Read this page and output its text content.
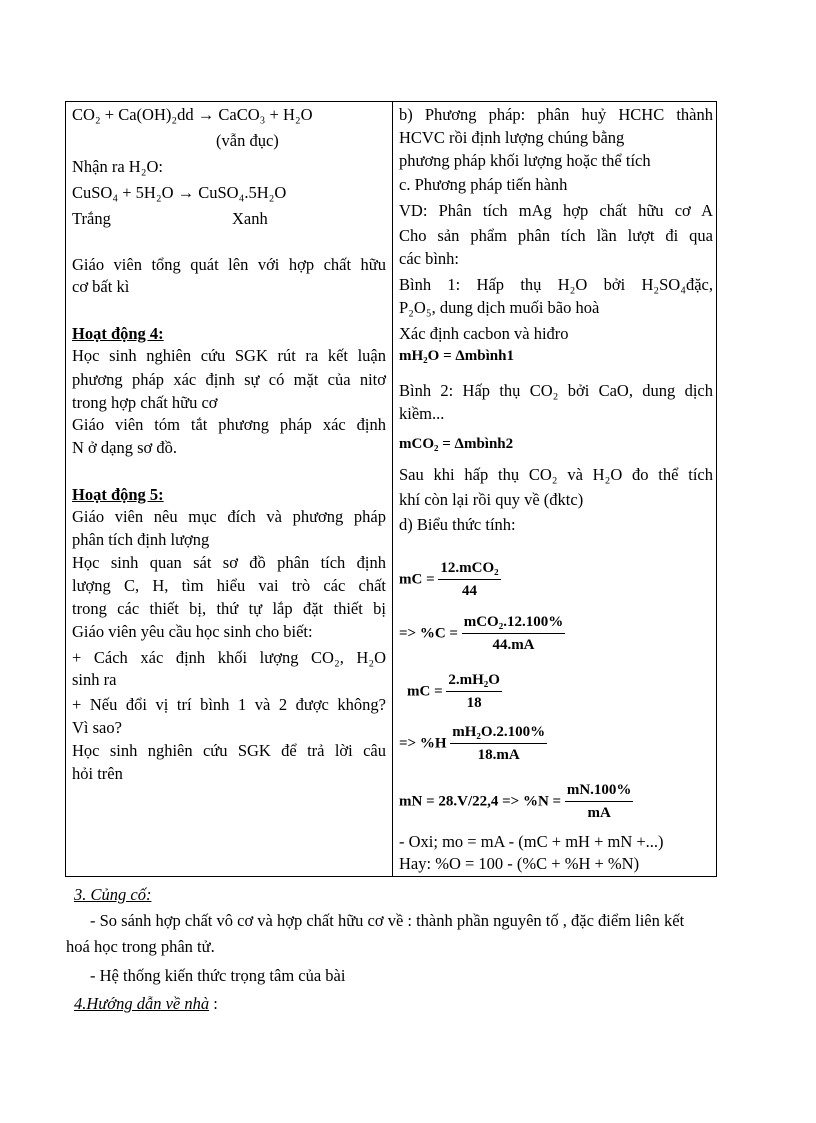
CO₂ + Ca(OH)₂dd → CaCO₃ + H₂O
(vẫn đục)
Nhận ra H₂O:
CuSO₄ + 5H₂O → CuSO₄.5H₂O
Trắng	Xanh
Giáo viên tổng quát lên với hợp chất hữu
cơ bất kì
Hoạt động 4:
Học sinh nghiên cứu SGK rút ra kết luận
phương pháp xác định sự có mặt của nitơ
trong hợp chất hữu cơ
Giáo viên tóm tắt phương pháp xác định
N ở dạng sơ đồ.
Hoạt động 5:
Giáo viên nêu mục đích và phương pháp
phân tích định lượng
Học sinh quan sát sơ đồ phân tích định
lượng C, H, tìm hiểu vai trò các chất
trong các thiết bị, thứ tự lắp đặt thiết bị
Giáo viên yêu cầu học sinh cho biết:
+ Cách xác định khối lượng CO₂, H₂O
sinh ra
+ Nếu đổi vị trí bình 1 và 2 được không?
Vì sao?
Học sinh nghiên cứu SGK để trả lời câu
hỏi trên
b) Phương pháp: phân huỷ HCHC thành
HCVC rồi định lượng chúng bằng
phương pháp khối lượng hoặc thể tích
c. Phương pháp tiến hành
VD: Phân tích mAg hợp chất hữu cơ A
Cho sản phẩm phân tích lần lượt đi qua
các bình:
Bình 1: Hấp thụ H₂O bởi H₂SO₄đặc,
P₂O₅, dung dịch muối bão hoà
Xác định cacbon và hiđro
mH₂O = Δmbình1
Bình 2: Hấp thụ CO₂ bởi CaO, dung dịch
kiềm...
mCO₂ = Δmbình2
Sau khi hấp thụ CO₂ và H₂O đo thể tích
khí còn lại rồi quy về (đktc)
d) Biểu thức tính:
mC = $\frac{\text{12.mCO₂}}{44}$
=> $\%C = \frac{\text{mCO₂.12.100\%}}{44.mA}$
mC = $\frac{\text{2.mH₂O}}{18}$
=> $\%H \frac{\text{mH₂O.2.100\%}}{18.mA}$
mN = $28.V/22,4 => \%N = \frac{mN.100\%}{mA}$
- Oxi; mo = mA - (mC + mH + mN +...)
Hay: %O = 100 - (%C + %H + %N)
3. Củng cố:
- So sánh hợp chất vô cơ và hợp chất hữu cơ về : thành phần nguyên tố , đặc điểm liên kết
hoá học trong phân tử.
- Hệ thống kiến thức trọng tâm của bài
4.Hướng dẫn về nhà :
